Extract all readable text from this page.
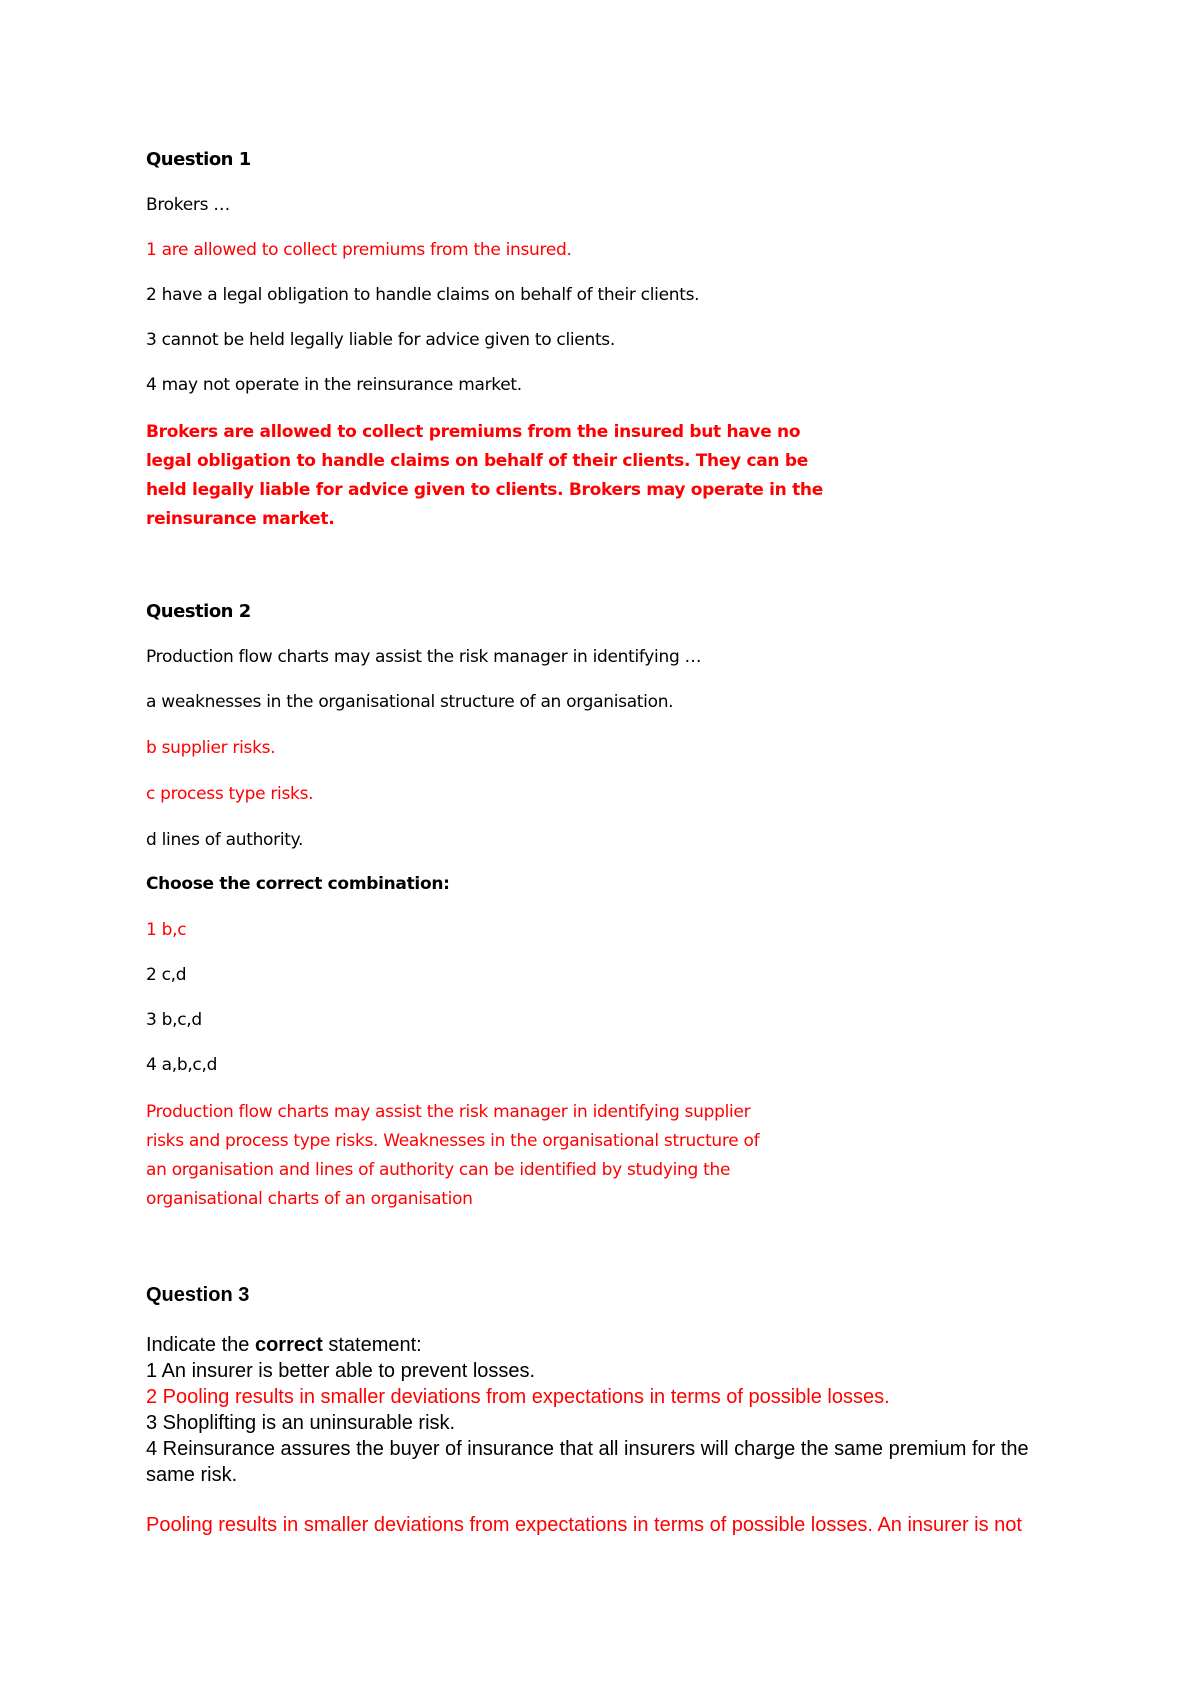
Question 1

Brokers …

1 are allowed to collect premiums from the insured.

2 have a legal obligation to handle claims on behalf of their clients.

3 cannot be held legally liable for advice given to clients.

4 may not operate in the reinsurance market.

Brokers are allowed to collect premiums from the insured but have no

legal obligation to handle claims on behalf of their clients. They can be

held legally liable for advice given to clients. Brokers may operate in the

reinsurance market.

Question 2

Production flow charts may assist the risk manager in identifying …

a weaknesses in the organisational structure of an organisation.

b supplier risks.

c process type risks.

d lines of authority.

Choose the correct combination:

1 b,c

2 c,d

3 b,c,d

4 a,b,c,d

Production flow charts may assist the risk manager in identifying supplier

risks and process type risks. Weaknesses in the organisational structure of

an organisation and lines of authority can be identified by studying the

organisational charts of an organisation

Question 3

Indicate the correct statement:

1 An insurer is better able to prevent losses.

2 Pooling results in smaller deviations from expectations in terms of possible losses.

3 Shoplifting is an uninsurable risk.

4 Reinsurance assures the buyer of insurance that all insurers will charge the same premium for the

same risk.

Pooling results in smaller deviations from expectations in terms of possible losses. An insurer is not
